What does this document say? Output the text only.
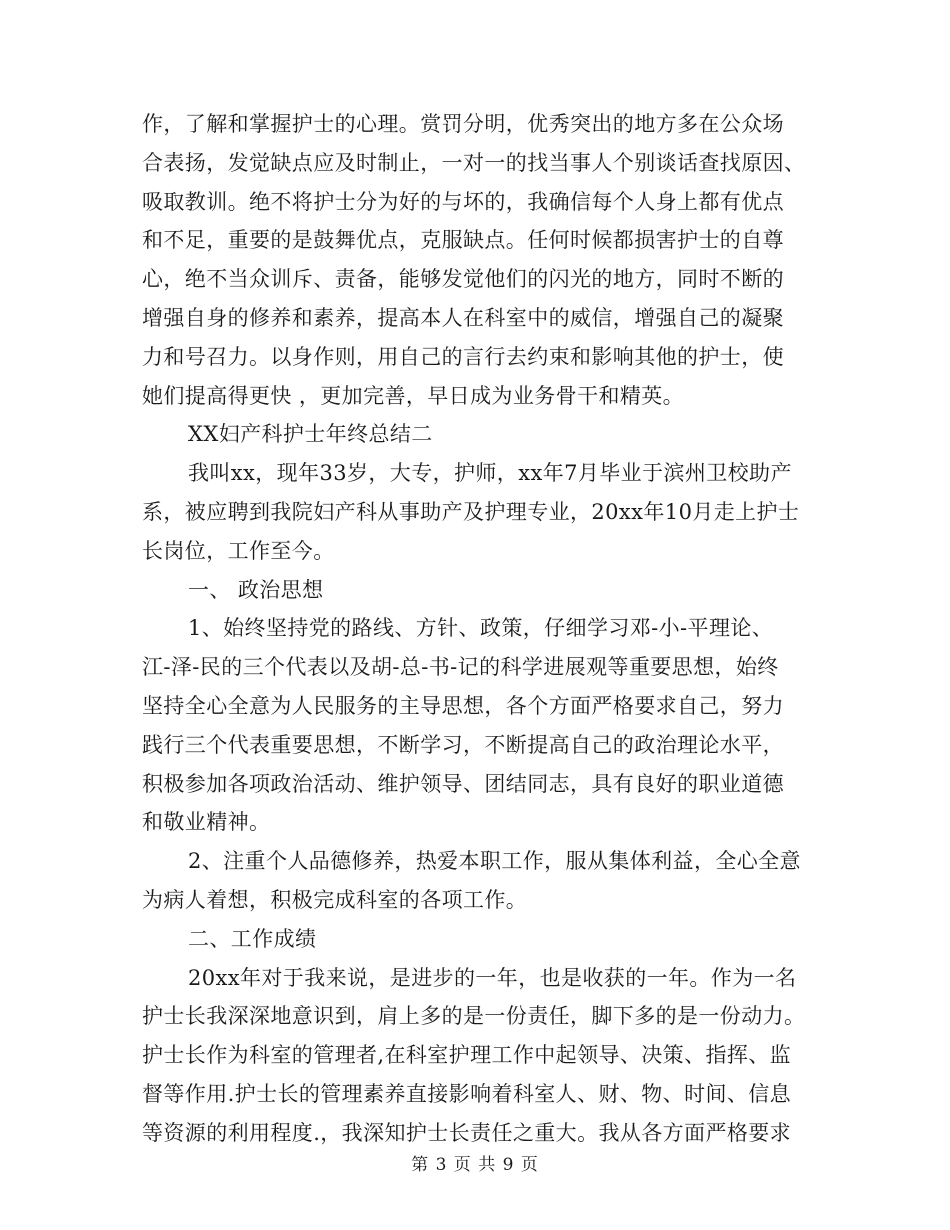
作，了解和掌握护士的心理。赏罚分明，优秀突出的地方多在公众场
合表扬，发觉缺点应及时制止，一对一的找当事人个别谈话查找原因、
吸取教训。绝不将护士分为好的与坏的，我确信每个人身上都有优点
和不足，重要的是鼓舞优点，克服缺点。任何时候都损害护士的自尊
心，绝不当众训斥、责备，能够发觉他们的闪光的地方，同时不断的
增强自身的修养和素养，提高本人在科室中的威信，增强自己的凝聚
力和号召力。以身作则，用自己的言行去约束和影响其他的护士，使
她们提高得更快 ，更加完善，早日成为业务骨干和精英。
XX妇产科护士年终总结二
我叫xx，现年33岁，大专，护师，xx年7月毕业于滨州卫校助产
系，被应聘到我院妇产科从事助产及护理专业，20xx年10月走上护士
长岗位，工作至今。
一、 政治思想
1、始终坚持党的路线、方针、政策，仔细学习邓-小-平理论、
江-泽-民的三个代表以及胡-总-书-记的科学进展观等重要思想，始终
坚持全心全意为人民服务的主导思想，各个方面严格要求自己，努力
践行三个代表重要思想，不断学习，不断提高自己的政治理论水平，
积极参加各项政治活动、维护领导、团结同志，具有良好的职业道德
和敬业精神。
2、注重个人品德修养，热爱本职工作，服从集体利益，全心全意
为病人着想，积极完成科室的各项工作。
二、工作成绩
20xx年对于我来说，是进步的一年，也是收获的一年。作为一名
护士长我深深地意识到，肩上多的是一份责任，脚下多的是一份动力。
护士长作为科室的管理者,在科室护理工作中起领导、决策、指挥、监
督等作用.护士长的管理素养直接影响着科室人、财、物、时间、信息
等资源的利用程度.，我深知护士长责任之重大。我从各方面严格要求
第 3 页 共 9 页
